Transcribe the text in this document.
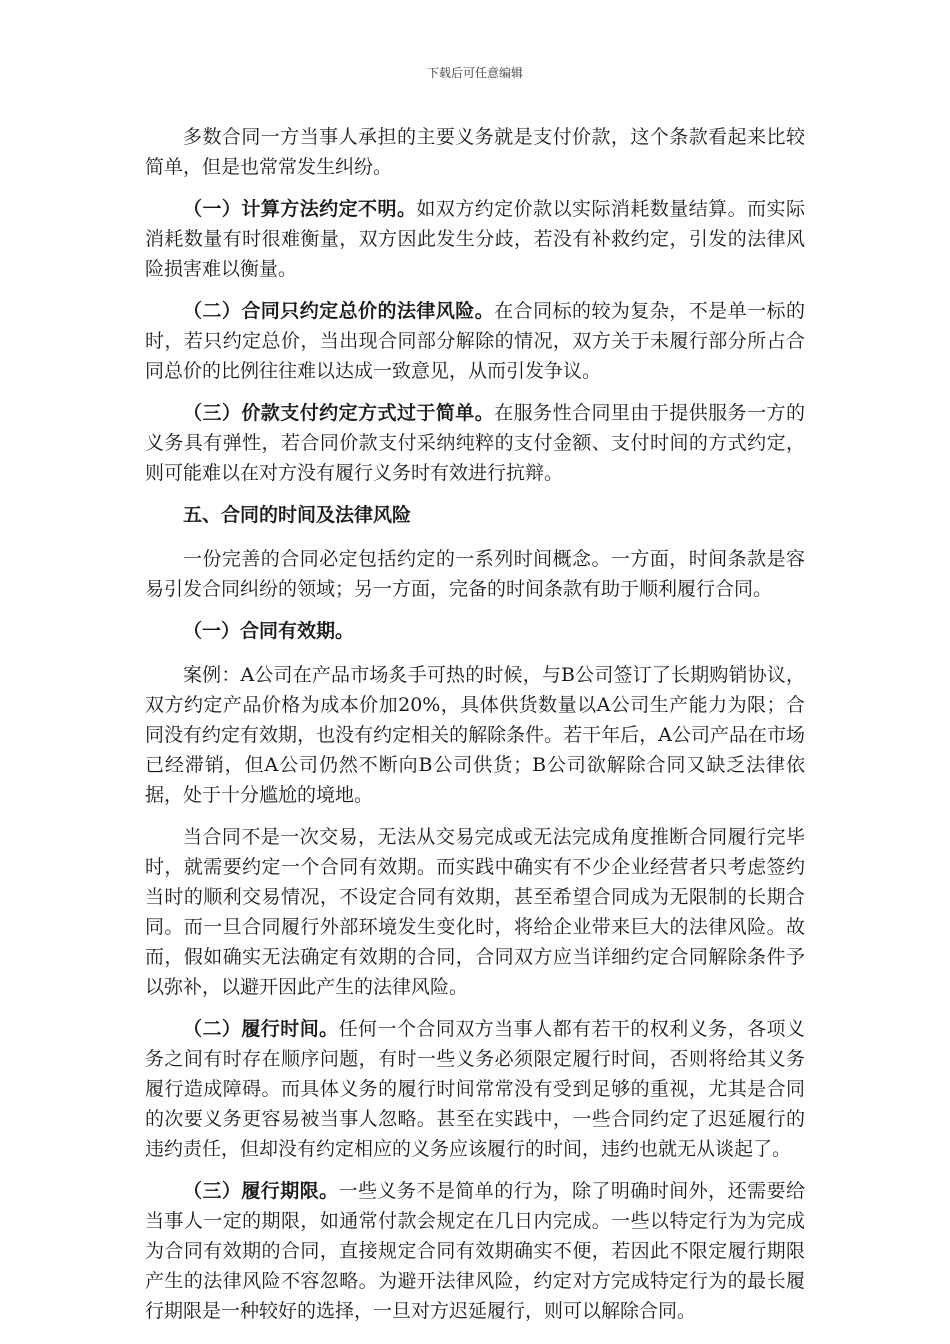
下载后可任意编辑

多数合同一方当事人承担的主要义务就是支付价款，这个条款看起来比较简单，但是也常常发生纠纷。

（一）计算方法约定不明。如双方约定价款以实际消耗数量结算。而实际消耗数量有时很难衡量，双方因此发生分歧，若没有补救约定，引发的法律风险损害难以衡量。

（二）合同只约定总价的法律风险。在合同标的较为复杂，不是单一标的时，若只约定总价，当出现合同部分解除的情况，双方关于未履行部分所占合同总价的比例往往难以达成一致意见，从而引发争议。

（三）价款支付约定方式过于简单。在服务性合同里由于提供服务一方的义务具有弹性，若合同价款支付采纳纯粹的支付金额、支付时间的方式约定，则可能难以在对方没有履行义务时有效进行抗辩。

五、合同的时间及法律风险

一份完善的合同必定包括约定的一系列时间概念。一方面，时间条款是容易引发合同纠纷的领域；另一方面，完备的时间条款有助于顺利履行合同。

（一）合同有效期。

案例：A公司在产品市场炙手可热的时候，与B公司签订了长期购销协议，双方约定产品价格为成本价加20%，具体供货数量以A公司生产能力为限；合同没有约定有效期，也没有约定相关的解除条件。若干年后，A公司产品在市场已经滞销，但A公司仍然不断向B公司供货；B公司欲解除合同又缺乏法律依据，处于十分尴尬的境地。

当合同不是一次交易，无法从交易完成或无法完成角度推断合同履行完毕时，就需要约定一个合同有效期。而实践中确实有不少企业经营者只考虑签约当时的顺利交易情况，不设定合同有效期，甚至希望合同成为无限制的长期合同。而一旦合同履行外部环境发生变化时，将给企业带来巨大的法律风险。故而，假如确实无法确定有效期的合同，合同双方应当详细约定合同解除条件予以弥补，以避开因此产生的法律风险。

（二）履行时间。任何一个合同双方当事人都有若干的权利义务，各项义务之间有时存在顺序问题，有时一些义务必须限定履行时间，否则将给其义务履行造成障碍。而具体义务的履行时间常常没有受到足够的重视，尤其是合同的次要义务更容易被当事人忽略。甚至在实践中，一些合同约定了迟延履行的违约责任，但却没有约定相应的义务应该履行的时间，违约也就无从谈起了。

（三）履行期限。一些义务不是简单的行为，除了明确时间外，还需要给当事人一定的期限，如通常付款会规定在几日内完成。一些以特定行为为完成为合同有效期的合同，直接规定合同有效期确实不便，若因此不限定履行期限产生的法律风险不容忽略。为避开法律风险，约定对方完成特定行为的最长履行期限是一种较好的选择，一旦对方迟延履行，则可以解除合同。
